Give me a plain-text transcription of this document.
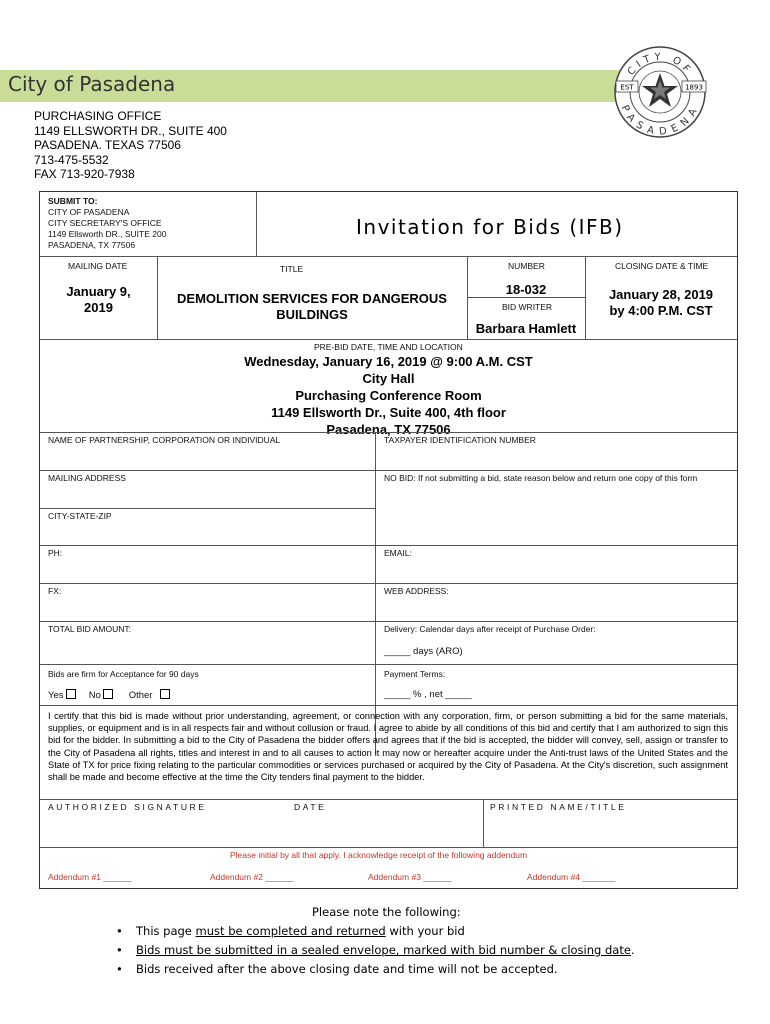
City of Pasadena
CITY OF
PASADENA
EST	1893
PURCHASING OFFICE
1149 ELLSWORTH DR., SUITE 400
PASADENA. TEXAS 77506
713-475-5532
FAX 713-920-7938
SUBMIT TO:
CITY OF PASADENA
CITY SECRETARY'S OFFICE
1149 Ellsworth DR., SUITE 200
PASADENA, TX 77506
Invitation for Bids (IFB)
MAILING DATE
January 9,
2019
TITLE
DEMOLITION SERVICES FOR DANGEROUS
BUILDINGS
NUMBER
18-032
BID WRITER
Barbara Hamlett
CLOSING DATE & TIME
January 28, 2019
by 4:00 P.M. CST
PRE-BID DATE, TIME AND LOCATION
Wednesday, January 16, 2019 @ 9:00 A.M. CST
City Hall
Purchasing Conference Room
1149 Ellsworth Dr., Suite 400, 4th floor
Pasadena, TX 77506
NAME OF PARTNERSHIP, CORPORATION OR INDIVIDUAL	TAXPAYER IDENTIFICATION NUMBER
MAILING ADDRESS	NO BID: If not submitting a bid, state reason below and return one copy of this form
CITY-STATE-ZIP
PH:	EMAIL:
FX:	WEB ADDRESS:
TOTAL BID AMOUNT:	Delivery: Calendar days after receipt of Purchase Order:
_____ days (ARO)
Bids are firm for Acceptance for 90 days	Payment Terms:
Yes	No	Other	_____ % , net _____
I certify that this bid is made without prior understanding, agreement, or connection with any corporation, firm, or person submitting a bid for the same materials, supplies, or equipment and is in all respects fair and without collusion or fraud. I agree to abide by all conditions of this bid and certify that I am authorized to sign this bid for the bidder. In submitting a bid to the City of Pasadena the bidder offers and agrees that if the bid is accepted, the bidder will convey, sell, assign or transfer to the City of Pasadena all rights, titles and interest in and to all causes to action it may now or hereafter acquire under the Anti-trust laws of the United States and the State of TX for price fixing relating to the particular commodities or services purchased or acquired by the City of Pasadena. At the City's discretion, such assignment shall be made and become effective at the time the City tenders final payment to the bidder.
AUTHORIZED SIGNATURE	DATE	PRINTED NAME/TITLE
Please initial by all that apply. I acknowledge receipt of the following addendum
Addendum #1 ______	Addendum #2 ______	Addendum #3 ______	Addendum #4 _______
Please note the following:
• This page must be completed and returned with your bid
• Bids must be submitted in a sealed envelope, marked with bid number & closing date.
• Bids received after the above closing date and time will not be accepted.
